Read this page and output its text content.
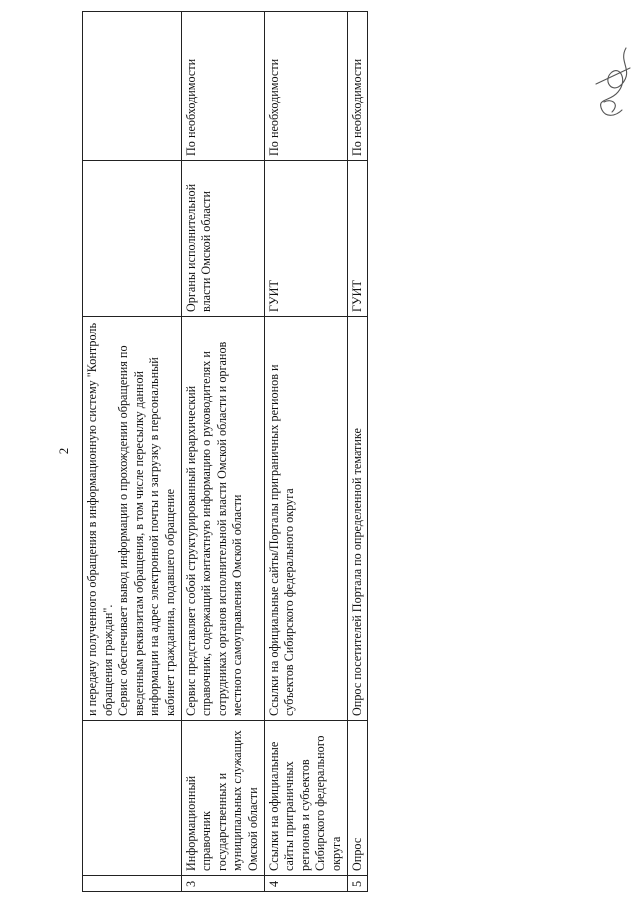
2
		и передачу полученного обращения в информационную систему "Контроль обращения граждан".
Сервис обеспечивает вывод информации о прохождении обращения по введенным реквизитам обращения, в том числе пересылку данной информации на адрес электронной почты и загрузку в персональный кабинет гражданина, подавшего обращение		
3	Информационный справочник государственных и муниципальных служащих Омской области	Сервис представляет собой структурированный иерархический справочник, содержащий контактную информацию о руководителях и сотрудниках органов исполнительной власти Омской области и органов местного самоуправления Омской области	Органы исполнительной власти Омской области	По необходимости
4	Ссылки на официальные сайты приграничных регионов и субъектов Сибирского федерального округа	Ссылки на официальные сайты/Порталы приграничных регионов и субъектов Сибирского федерального округа	ГУИТ	По необходимости
5	Опрос	Опрос посетителей Портала по определенной тематике	ГУИТ	По необходимости
